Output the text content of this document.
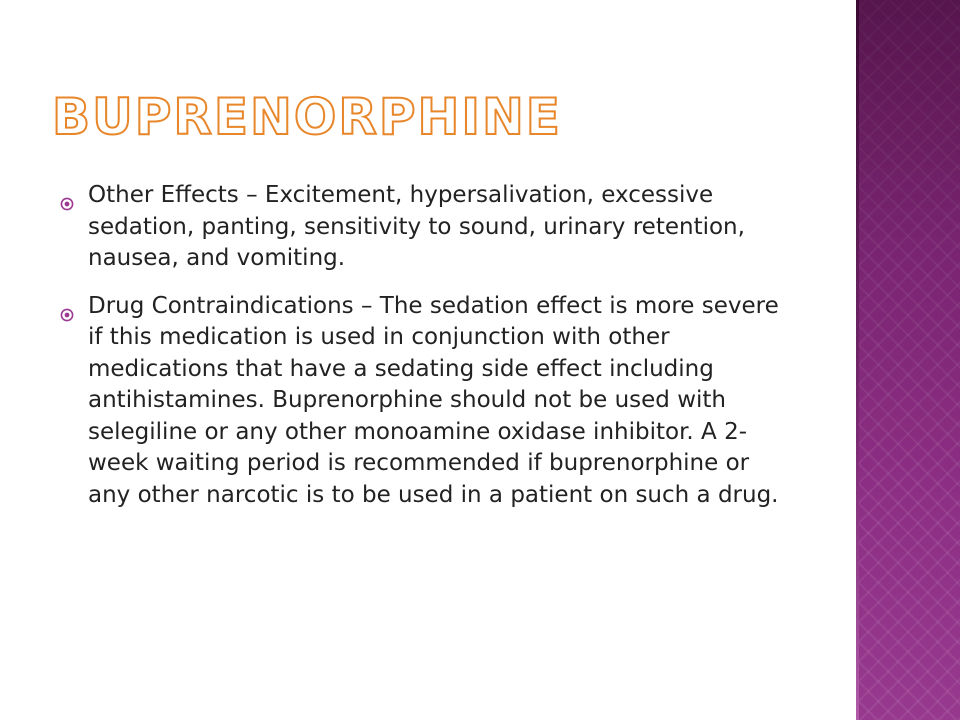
BUPRENORPHINE
Other Effects – Excitement, hypersalivation, excessive sedation, panting, sensitivity to sound, urinary retention, nausea, and vomiting.
Drug Contraindications – The sedation effect is more severe if this medication is used in conjunction with other medications that have a sedating side effect including antihistamines. Buprenorphine should not be used with selegiline or any other monoamine oxidase inhibitor. A 2-week waiting period is recommended if buprenorphine or any other narcotic is to be used in a patient on such a drug.
